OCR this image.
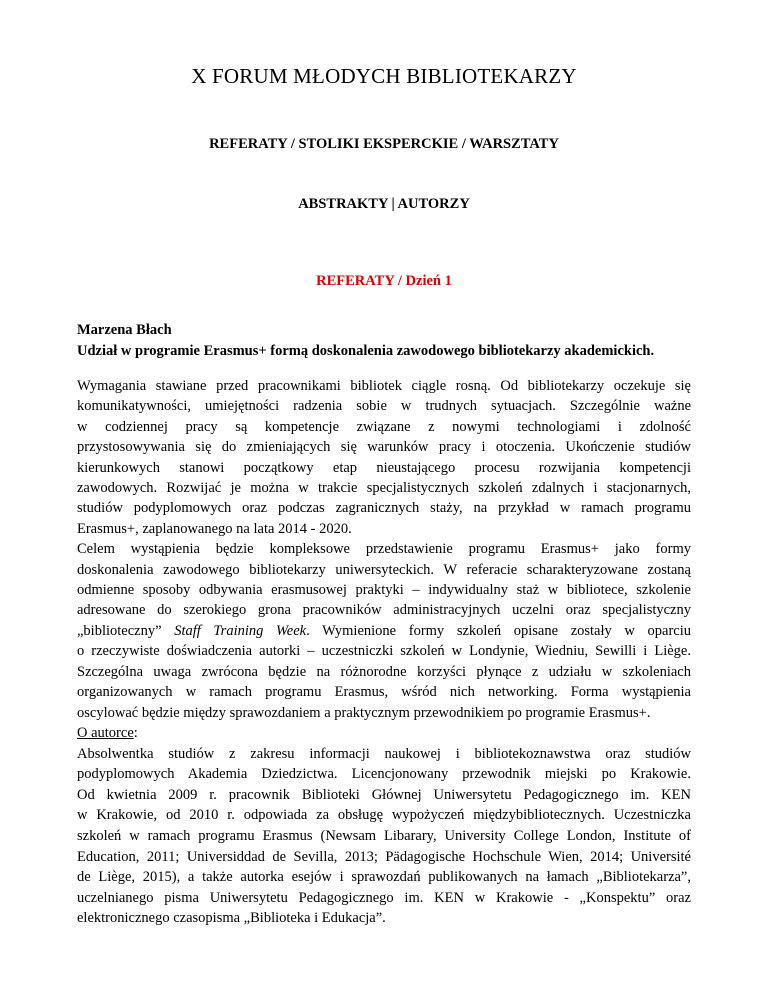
X FORUM MŁODYCH BIBLIOTEKARZY
REFERATY / STOLIKI EKSPERCKIE / WARSZTATY
ABSTRAKTY | AUTORZY
REFERATY / Dzień 1
Marzena Błach
Udział w programie Erasmus+ formą doskonalenia zawodowego bibliotekarzy akademickich.
Wymagania stawiane przed pracownikami bibliotek ciągle rosną. Od bibliotekarzy oczekuje się
komunikatywności, umiejętności radzenia sobie w trudnych sytuacjach. Szczególnie ważne
w codziennej pracy są kompetencje związane z nowymi technologiami i zdolność
przystosowywania się do zmieniających się warunków pracy i otoczenia. Ukończenie studiów
kierunkowych stanowi początkowy etap nieustającego procesu rozwijania kompetencji
zawodowych. Rozwijać je można w trakcie specjalistycznych szkoleń zdalnych i stacjonarnych,
studiów podyplomowych oraz podczas zagranicznych staży, na przykład w ramach programu
Erasmus+, zaplanowanego na lata 2014 - 2020.
Celem wystąpienia będzie kompleksowe przedstawienie programu Erasmus+ jako formy
doskonalenia zawodowego bibliotekarzy uniwersyteckich. W referacie scharakteryzowane zostaną
odmienne sposoby odbywania erasmusowej praktyki – indywidualny staż w bibliotece, szkolenie
adresowane do szerokiego grona pracowników administracyjnych uczelni oraz specjalistyczny
„biblioteczny” Staff Training Week. Wymienione formy szkoleń opisane zostały w oparciu
o rzeczywiste doświadczenia autorki – uczestniczki szkoleń w Londynie, Wiedniu, Sewilli i Liège.
Szczególna uwaga zwrócona będzie na różnorodne korzyści płynące z udziału w szkoleniach
organizowanych w ramach programu Erasmus, wśród nich networking. Forma wystąpienia
oscylować będzie między sprawozdaniem a praktycznym przewodnikiem po programie Erasmus+.
O autorce:
Absolwentka studiów z zakresu informacji naukowej i bibliotekoznawstwa oraz studiów
podyplomowych Akademia Dziedzictwa. Licencjonowany przewodnik miejski po Krakowie.
Od kwietnia 2009 r. pracownik Biblioteki Głównej Uniwersytetu Pedagogicznego im. KEN
w Krakowie, od 2010 r. odpowiada za obsługę wypożyczeń międzybibliotecznych. Uczestniczka
szkoleń w ramach programu Erasmus (Newsam Libarary, University College London, Institute of
Education, 2011; Universiddad de Sevilla, 2013; Pädagogische Hochschule Wien, 2014; Université
de Liège, 2015), a także autorka esejów i sprawozdań publikowanych na łamach „Bibliotekarza”,
uczelnianego pisma Uniwersytetu Pedagogicznego im. KEN w Krakowie - „Konspektu” oraz
elektronicznego czasopisma „Biblioteka i Edukacja”.
